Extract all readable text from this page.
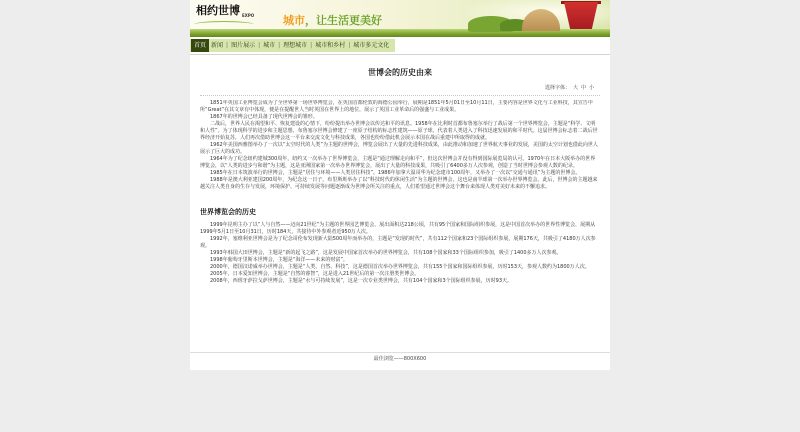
相约世博 EXPO	城市，让生活更美好
首页 新闻 | 图片展示 | 城市 | 理想城市 | 城市和乡村 | 城市多元文化
世博会的历史由来
选择字体： 大 中 小

1851年英国工业博览会成为了全世界第一场世界博览会，在英国首都伦敦的海德公园举行，展期是1851年5月01日至10月11日，主要内容是世界文化与工业科技，其宣告中所“Great”在其文章有中体现，便是在提醒世人当时英国在世界上的地位，展示了英国工业革命后的强盛与工业成果。

1867年的世博会已经具备了现代世博会的雏形。

二战后，世界人民在渴望和平、恢复建设的心情下，纷纷提出举办世博会以传达和平的讯息。1958年在比利时首都布鲁塞尔举行了战后第一个世界博览会，主题是“科学、文明和人性”。为了体现科学的进步和主题思想，布鲁塞尔世博会修建了一座原子结构的标志性建筑——原子球，代表着人类进入了科技迅速发展的和平时代。这届世博会标志着二战后世界经济开始复苏，人们再次借助世博会这一平台来交流文化与科技成果，各国也纷纷借此机会展示本国在战后重建中所取得的成就。

1962年美国西雅图举办了一次以“太空时代的人类”为主题的世博会，博览会展出了大量的先进科技成果，由此推动和加速了世界航天事业的发展，美国的太空计划也借此向世人展示了巨大的成功。

1964年为了纪念纽约建城300周年，纽约又一次举办了世界博览会，主题是“通过理解走向和平”，但这次世博会并没有得到国际展览局的认可。1970年在日本大阪举办的世界博览会，以“人类的进步与和谐”为主题，这是亚洲国家第一次举办世界博览会，展出了大量的科技成果，共吸引了6400多万人次参观，创造了当时世博会参观人数的纪录。

1985年在日本筑波举行的世博会，主题是“居住与环境——人类居住科技”。1986年加拿大温哥华为纪念建市100周年，又举办了一次以“交通与通讯”为主题的世博会。

1988年是澳大利亚建国200周年，为纪念这一日子，布里斯班举办了以“科技时代的休闲生活”为主题的世博会，这也是南半球第一次举办世界博览会。此后，世博会的主题越来越关注人类自身的生存与发展，环境保护、可持续发展等问题逐渐成为世博会所关注的重点，人们希望通过世博会这个舞台来体现人类对美好未来的不懈追求。

世界博览会的历史

1999年昆明主办了以“人与自然——迈向21世纪”为主题的世界园艺博览会，展出面积达218公顷，共有95个国家和国际组织参展，这是中国首次举办的世界性博览会，展期从1999年5月1日至10月31日，历时184天，共接待中外参观者近950万人次。

1992年，塞维利亚世博会是为了纪念哥伦布发现新大陆500周年而举办的，主题是“发现的时代”，共有112个国家和23个国际组织参展，展期176天，共吸引了4180万人次参观。

1993年韩国大田世博会，主题是“新的起飞之路”，这是发展中国家首次举办的世界博览会，共有108个国家和33个国际组织参加，吸引了1400多万人次参观。

1998年葡萄牙里斯本世博会，主题是“海洋——未来的财富”。

2000年，德国汉诺威举办世博会，主题是“人类、自然、科技”，这是德国首次举办世界博览会，共有155个国家和国际组织参展，历时153天，参观人数约为1800万人次。

2005年，日本爱知世博会，主题是“自然的睿智”，这是进入21世纪后的第一次注册类世博会。

2008年，西班牙萨拉戈萨世博会，主题是“水与可持续发展”，这是一次专业类世博会，共有104个国家和3个国际组织参展，历时93天。

最佳浏览——800X600
